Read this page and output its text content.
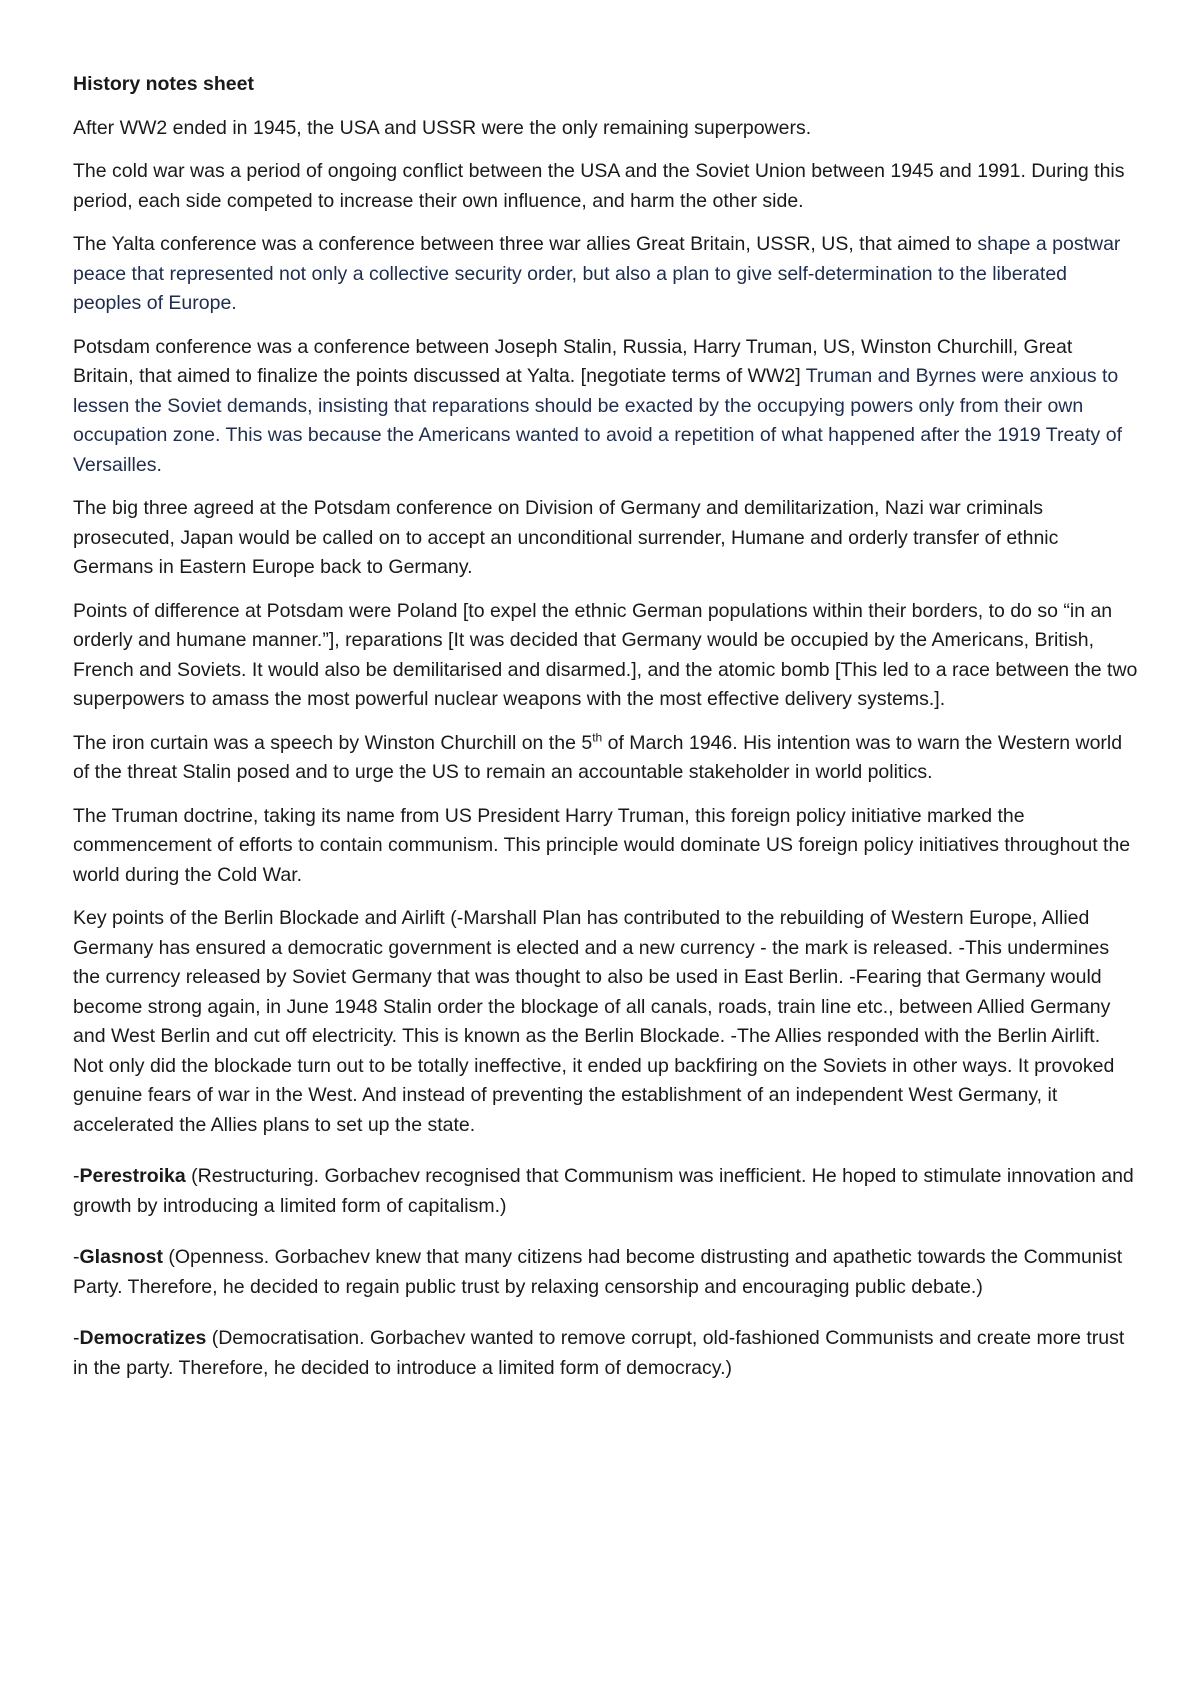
History notes sheet

After WW2 ended in 1945, the USA and USSR were the only remaining superpowers.

The cold war was a period of ongoing conflict between the USA and the Soviet Union between 1945 and 1991. During this period, each side competed to increase their own influence, and harm the other side.

The Yalta conference was a conference between three war allies Great Britain, USSR, US, that aimed to shape a postwar peace that represented not only a collective security order, but also a plan to give self-determination to the liberated peoples of Europe.

Potsdam conference was a conference between Joseph Stalin, Russia, Harry Truman, US, Winston Churchill, Great Britain, that aimed to finalize the points discussed at Yalta. [negotiate terms of WW2] Truman and Byrnes were anxious to lessen the Soviet demands, insisting that reparations should be exacted by the occupying powers only from their own occupation zone. This was because the Americans wanted to avoid a repetition of what happened after the 1919 Treaty of Versailles.

The big three agreed at the Potsdam conference on Division of Germany and demilitarization, Nazi war criminals prosecuted, Japan would be called on to accept an unconditional surrender, Humane and orderly transfer of ethnic Germans in Eastern Europe back to Germany.

Points of difference at Potsdam were Poland [to expel the ethnic German populations within their borders, to do so “in an orderly and humane manner.”], reparations [It was decided that Germany would be occupied by the Americans, British, French and Soviets. It would also be demilitarised and disarmed.], and the atomic bomb [This led to a race between the two superpowers to amass the most powerful nuclear weapons with the most effective delivery systems.].

The iron curtain was a speech by Winston Churchill on the 5th of March 1946. His intention was to warn the Western world of the threat Stalin posed and to urge the US to remain an accountable stakeholder in world politics.

The Truman doctrine, taking its name from US President Harry Truman, this foreign policy initiative marked the commencement of efforts to contain communism. This principle would dominate US foreign policy initiatives throughout the world during the Cold War.

Key points of the Berlin Blockade and Airlift (-Marshall Plan has contributed to the rebuilding of Western Europe, Allied Germany has ensured a democratic government is elected and a new currency - the mark is released. -This undermines the currency released by Soviet Germany that was thought to also be used in East Berlin. -Fearing that Germany would become strong again, in June 1948 Stalin order the blockage of all canals, roads, train line etc., between Allied Germany and West Berlin and cut off electricity. This is known as the Berlin Blockade. -The Allies responded with the Berlin Airlift.

Not only did the blockade turn out to be totally ineffective, it ended up backfiring on the Soviets in other ways. It provoked genuine fears of war in the West. And instead of preventing the establishment of an independent West Germany, it accelerated the Allies plans to set up the state.

-Perestroika (Restructuring. Gorbachev recognised that Communism was inefficient. He hoped to stimulate innovation and growth by introducing a limited form of capitalism.)

-Glasnost (Openness. Gorbachev knew that many citizens had become distrusting and apathetic towards the Communist Party. Therefore, he decided to regain public trust by relaxing censorship and encouraging public debate.)

-Democratizes (Democratisation. Gorbachev wanted to remove corrupt, old-fashioned Communists and create more trust in the party. Therefore, he decided to introduce a limited form of democracy.)
